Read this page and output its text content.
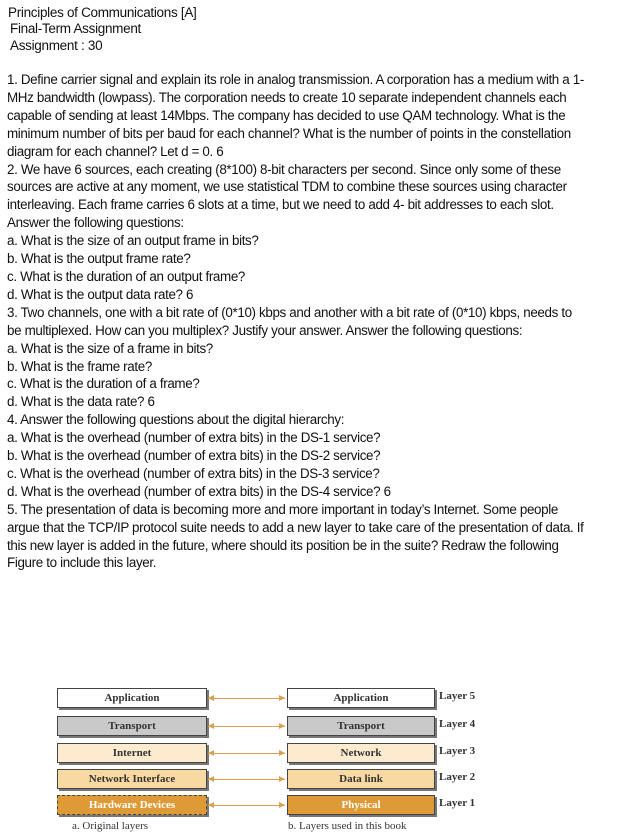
Principles of Communications [A]
Final-Term Assignment
Assignment : 30
1. Define carrier signal and explain its role in analog transmission. A corporation has a medium with a 1-
MHz bandwidth (lowpass). The corporation needs to create 10 separate independent channels each
capable of sending at least 14Mbps. The company has decided to use QAM technology. What is the
minimum number of bits per baud for each channel? What is the number of points in the constellation
diagram for each channel? Let d = 0. 6
2. We have 6 sources, each creating (8*100) 8-bit characters per second. Since only some of these
sources are active at any moment, we use statistical TDM to combine these sources using character
interleaving. Each frame carries 6 slots at a time, but we need to add 4- bit addresses to each slot.
Answer the following questions:
a. What is the size of an output frame in bits?
b. What is the output frame rate?
c. What is the duration of an output frame?
d. What is the output data rate? 6
3. Two channels, one with a bit rate of (0*10) kbps and another with a bit rate of (0*10) kbps, needs to
be multiplexed. How can you multiplex? Justify your answer. Answer the following questions:
a. What is the size of a frame in bits?
b. What is the frame rate?
c. What is the duration of a frame?
d. What is the data rate? 6
4. Answer the following questions about the digital hierarchy:
a. What is the overhead (number of extra bits) in the DS-1 service?
b. What is the overhead (number of extra bits) in the DS-2 service?
c. What is the overhead (number of extra bits) in the DS-3 service?
d. What is the overhead (number of extra bits) in the DS-4 service? 6
5. The presentation of data is becoming more and more important in today’s Internet. Some people
argue that the TCP/IP protocol suite needs to add a new layer to take care of the presentation of data. If
this new layer is added in the future, where should its position be in the suite? Redraw the following
Figure to include this layer.
Application	Application	Layer 5
Transport	Transport	Layer 4
Internet	Network	Layer 3
Network Interface	Data link	Layer 2
Hardware Devices	Physical	Layer 1
a. Original layers	b. Layers used in this book
